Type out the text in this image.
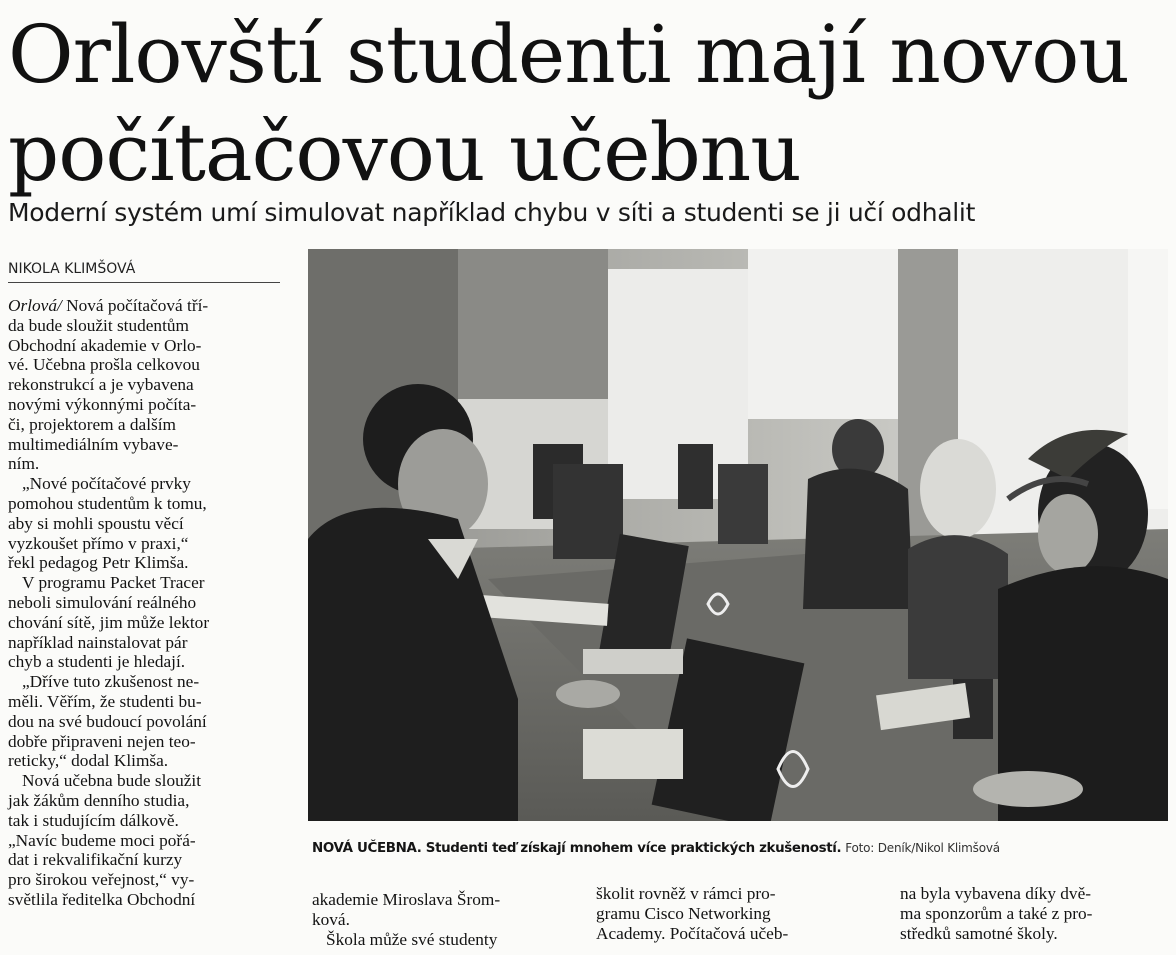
Orlovští studenti mají novou počítačovou učebnu
Moderní systém umí simulovat například chybu v síti a studenti se ji učí odhalit
NIKOLA KLIMŠOVÁ

Orlová/ Nová počítačová tří-
da bude sloužit studentům
Obchodní akademie v Orlo-
vé. Učebna prošla celkovou
rekonstrukcí a je vybavena
novými výkonnými počíta-
či, projektorem a dalším
multimediálním vybave-
ním.

„Nové počítačové prvky
pomohou studentům k tomu,
aby si mohli spoustu věcí
vyzkoušet přímo v praxi,“
řekl pedagog Petr Klimša.

V programu Packet Tracer
neboli simulování reálného
chování sítě, jim může lektor
například nainstalovat pár
chyb a studenti je hledají.

„Dříve tuto zkušenost ne-
měli. Věřím, že studenti bu-
dou na své budoucí povolání
dobře připraveni nejen teo-
reticky,“ dodal Klimša.

Nová učebna bude sloužit
jak žákům denního studia,
tak i studujícím dálkově.
„Navíc budeme moci pořá-
dat i rekvalifikační kurzy
pro širokou veřejnost,“ vy-
světlila ředitelka Obchodní

NOVÁ UČEBNA. Studenti teď získají mnohem více praktických zkušeností. Foto: Deník/Nikol Klimšová

akademie Miroslava Šrom-
ková.

Škola může své studenty

školit rovněž v rámci pro-
gramu Cisco Networking
Academy. Počítačová učeb-

na byla vybavena díky dvě-
ma sponzorům a také z pro-
středků samotné školy.
